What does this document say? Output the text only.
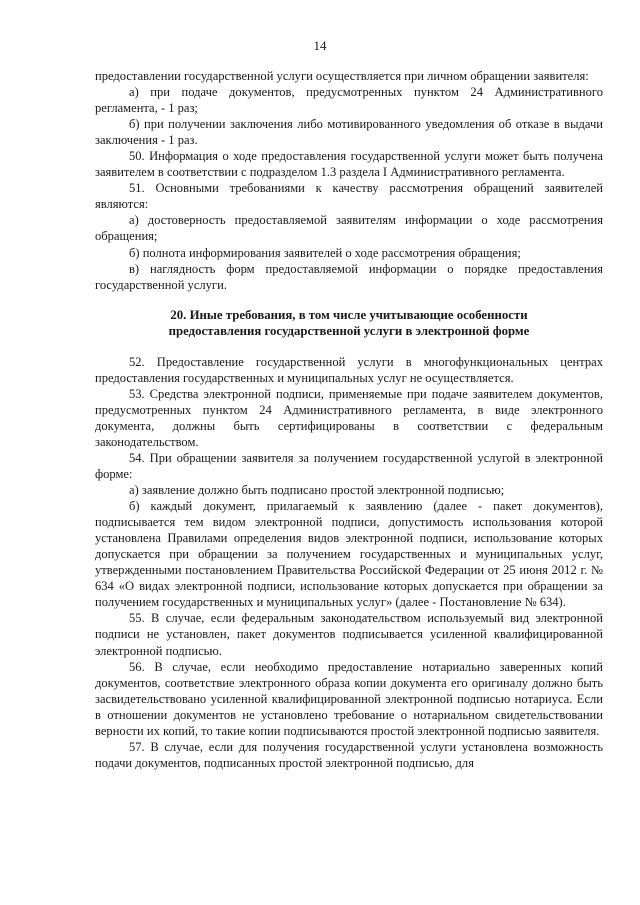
14

предоставлении государственной услуги осуществляется при личном обращении заявителя:

а) при подаче документов, предусмотренных пунктом 24 Административного регламента, - 1 раз;

б) при получении заключения либо мотивированного уведомления об отказе в выдачи заключения - 1 раз.

50. Информация о ходе предоставления государственной услуги может быть получена заявителем в соответствии с подразделом 1.3 раздела I Административного регламента.

51. Основными требованиями к качеству рассмотрения обращений заявителей являются:

а) достоверность предоставляемой заявителям информации о ходе рассмотрения обращения;

б) полнота информирования заявителей о ходе рассмотрения обращения;

в) наглядность форм предоставляемой информации о порядке предоставления государственной услуги.

20. Иные требования, в том числе учитывающие особенности
предоставления государственной услуги в электронной форме

52. Предоставление государственной услуги в многофункциональных центрах предоставления государственных и муниципальных услуг не осуществляется.

53. Средства электронной подписи, применяемые при подаче заявителем документов, предусмотренных пунктом 24 Административного регламента, в виде электронного документа, должны быть сертифицированы в соответствии с федеральным законодательством.

54. При обращении заявителя за получением государственной услугой в электронной форме:

а) заявление должно быть подписано простой электронной подписью;

б) каждый документ, прилагаемый к заявлению (далее - пакет документов), подписывается тем видом электронной подписи, допустимость использования которой установлена Правилами определения видов электронной подписи, использование которых допускается при обращении за получением государственных и муниципальных услуг, утвержденными постановлением Правительства Российской Федерации от 25 июня 2012 г. № 634 «О видах электронной подписи, использование которых допускается при обращении за получением государственных и муниципальных услуг» (далее - Постановление № 634).

55. В случае, если федеральным законодательством используемый вид электронной подписи не установлен, пакет документов подписывается усиленной квалифицированной электронной подписью.

56. В случае, если необходимо предоставление нотариально заверенных копий документов, соответствие электронного образа копии документа его оригиналу должно быть засвидетельствовано усиленной квалифицированной электронной подписью нотариуса. Если в отношении документов не установлено требование о нотариальном свидетельствовании верности их копий, то такие копии подписываются простой электронной подписью заявителя.

57. В случае, если для получения государственной услуги установлена возможность подачи документов, подписанных простой электронной подписью, для
